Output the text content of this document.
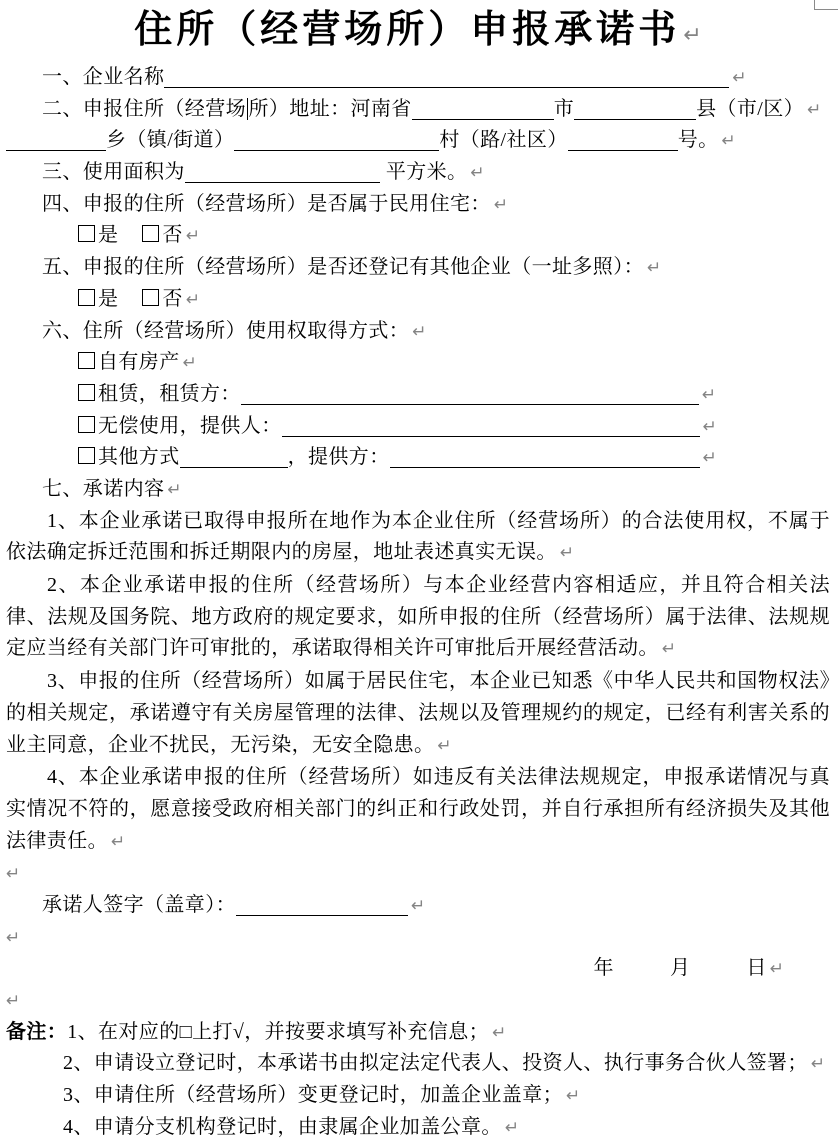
住所（经营场所）申报承诺书 ↵
一、企业名称	↵
二、申报住所（经营场 所）地址：河南省	市	县（市/区） ↵
乡（镇/街道）	村（路/社区）	号。 ↵
三、使用面积为	平方米。 ↵
四、申报的住所（经营场所）是否属于民用住宅： ↵
是 否 ↵
五、申报的住所（经营场所）是否还登记有其他企业（一址多照）： ↵
是 否 ↵
六、住所（经营场所）使用权取得方式： ↵
自有房产 ↵
租赁，租赁方：	↵
无偿使用，提供人：	↵
其他方式	，提供方：	↵
七、承诺内容 ↵

1、本企业承诺已取得申报所在地作为本企业住所（经营场所）的合法使用权，不属于依法确定拆迁范围和拆迁期限内的房屋，地址表述真实无误。 ↵

2、本企业承诺申报的住所（经营场所）与本企业经营内容相适应，并且符合相关法律、法规及国务院、地方政府的规定要求，如所申报的住所（经营场所）属于法律、法规规定应当经有关部门许可审批的，承诺取得相关许可审批后开展经营活动。 ↵

3、申报的住所（经营场所）如属于居民住宅，本企业已知悉《中华人民共和国物权法》的相关规定，承诺遵守有关房屋管理的法律、法规以及管理规约的规定，已经有利害关系的业主同意，企业不扰民，无污染，无安全隐患。 ↵

4、本企业承诺申报的住所（经营场所）如违反有关法律法规规定，申报承诺情况与真实情况不符的，愿意接受政府相关部门的纠正和行政处罚，并自行承担所有经济损失及其他法律责任。 ↵

↵
承诺人签字（盖章）：	↵
↵
年	月	日 ↵
↵
备注：1、在对应的□上打√，并按要求填写补充信息； ↵
2、申请设立登记时，本承诺书由拟定法定代表人、投资人、执行事务合伙人签署； ↵
3、申请住所（经营场所）变更登记时，加盖企业盖章； ↵
4、申请分支机构登记时，由隶属企业加盖公章。 ↵
